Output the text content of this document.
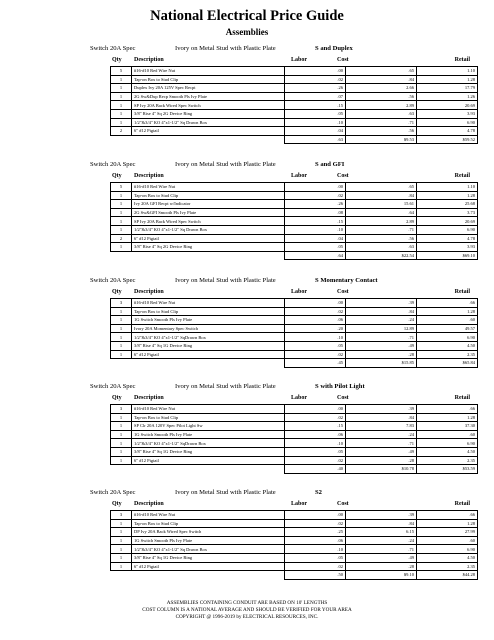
National Electrical Price Guide
Assemblies
Switch 20A Spec	Ivory on Metal Stud with Plastic Plate	S and Duplex
Qty Description	Labor	Cost	Retail
5	#16-#10 Red Wire Nut	.00	.65	1.10
1	Tap-on Box to Stud Clip	.02	.84	1.28
1	Duplex Ivy 20A 125V Spec Recpt	.26	2.66	17.79
1	2G Sw&Dup Recp Smooth Pls Ivy Plate	.07	.56	1.26
1	SP Ivy 20A Back Wired Spec Switch	.15	2.89	20.69
1	3/8" Rise 4" Sq 2G Device Ring	.05	.63	3.93
1	1/2"&3/4" KO 4"x1-1/2" Sq Drawn Box	.10	.71	6.90
2	6" #12 Pigtail	.04	.56	4.78
		.63	$9.53	$59.52
Switch 20A Spec	Ivory on Metal Stud with Plastic Plate	S and GFI
Qty Description	Labor	Cost	Retail
5	#16-#10 Red Wire Nut	.00	.65	1.10
1	Tap-on Box to Stud Clip	.02	.84	1.28
1	Ivy 20A GFI Recpt w/Indicator	.26	15.61	25.68
1	2G Sw&GFI Smooth Pls Ivy Plate	.08	.64	3.73
1	SP Ivy 20A Back Wired Spec Switch	.15	2.89	20.69
1	1/2"&3/4" KO 4"x1-1/2" Sq Drawn Box	.10	.71	6.90
2	6" #12 Pigtail	.04	.56	4.78
1	3/8" Rise 4" Sq 2G Device Ring	.05	.63	3.93
		.64	$22.54	$69.10
Switch 20A Spec	Ivory on Metal Stud with Plastic Plate	S Momentary Contact
Qty Description	Labor	Cost	Retail
3	#16-#10 Red Wire Nut	.00	.39	.66
1	Tap-on Box to Stud Clip	.02	.84	1.28
1	1G Switch Smooth Pls Ivy Plate	.06	.24	.60
1	Ivory 20A Momentary Spec Switch	.20	12.89	49.57
1	1/2"&3/4" KO 4"x1-1/2" SqDrawn Box	.10	.71	6.90
1	3/8" Rise 4" Sq 1G Device Ring	.05	.49	4.50
1	6" #12 Pigtail	.02	.28	2.35
		.45	$15.85	$65.84
Switch 20A Spec	Ivory on Metal Stud with Plastic Plate	S with Pilot Light
Qty Description	Labor	Cost	Retail
3	#16-#10 Red Wire Nut	.00	.39	.66
1	Tap-on Box to Stud Clip	.02	.84	1.28
1	SP Clr 20A 120V Spec Pilot Light Sw	.15	7.83	37.30
1	1G Switch Smooth Pls Ivy Plate	.06	.24	.60
1	1/2"&3/4" KO 4"x1-1/2" SqDrawn Box	.10	.71	6.90
1	3/8" Rise 4" Sq 1G Device Ring	.05	.49	4.50
1	6" #12 Pigtail	.02	.28	2.35
		.40	$10.78	$53.59
Switch 20A Spec	Ivory on Metal Stud with Plastic Plate	S2
Qty Description	Labor	Cost	Retail
3	#16-#10 Red Wire Nut	.00	.39	.66
1	Tap-on Box to Stud Clip	.02	.84	1.28
1	DP Ivy 20A Back Wired Spec Switch	.25	6.15	27.99
1	1G Switch Smooth Pls Ivy Plate	.06	.24	.60
1	1/2"&3/4" KO 4"x1-1/2" Sq Drawn Box	.10	.71	6.90
1	3/8" Rise 4" Sq 1G Device Ring	.05	.49	4.50
1	6" #12 Pigtail	.02	.28	2.35
		.50	$9.10	$44.28
ASSEMBLIES CONTAINING CONDUIT ARE BASED ON 10' LENGTHS
COST COLUMN IS A NATIONAL AVERAGE AND SHOULD BE VERIFIED FOR YOUR AREA
COPYRIGHT @ 1996-2019 by ELECTRICAL RESOURCES, INC.
